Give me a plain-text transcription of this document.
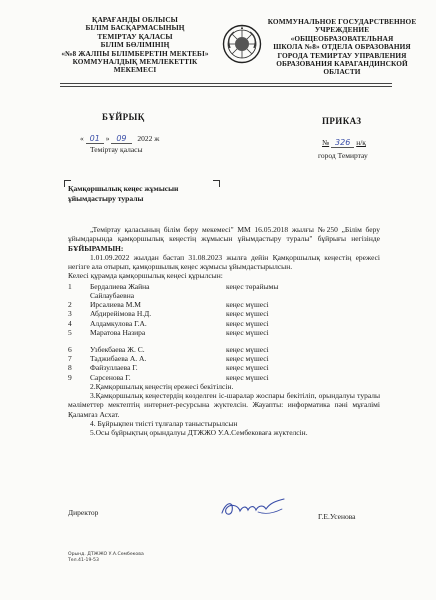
ҚАРАҒАНДЫ ОБЛЫСЫ
БІЛІМ БАСҚАРМАСЫНЫҢ
ТЕМІРТАУ ҚАЛАСЫ
БІЛІМ БӨЛІМІНІҢ
«№8 ЖАЛПЫ БІЛІМБЕРЕТІН МЕКТЕБІ»
КОММУНАЛДЫҚ МЕМЛЕКЕТТІК
МЕКЕМЕСІ
КОММУНАЛЬНОЕ ГОСУДАРСТВЕННОЕ
УЧРЕЖДЕНИЕ
«ОБЩЕОБРАЗОВАТЕЛЬНАЯ
ШКОЛА №8» ОТДЕЛА ОБРАЗОВАНИЯ
ГОРОДА ТЕМИРТАУ УПРАВЛЕНИЯ
ОБРАЗОВАНИЯ КАРАГАНДИНСКОЙ
ОБЛАСТИ
БҰЙРЫҚ	ПРИКАЗ
« 01 » 09 2022 ж
Теміртау қаласы
№ 326 н/қ
город Темиртау
Қамқоршылық кеңес жұмысын
ұйымдастыру туралы

„Теміртау қаласының білім беру мекемесі" ММ 16.05.2018 жылғы №250 „Білім беру ұйымдарында қамқоршылық кеңестің жұмысын ұйымдастыру туралы" бұйрығы негізінде БҰЙЫРАМЫН:

1.01.09.2022 жылдан бастап 31.08.2023 жылға дейін Қамқоршылық кеңестің ережесі негізге ала отырып, қамқоршылық кеңес жұмысы ұйымдастырылсын.

Келесі құрамда қамқоршылық кеңесі құрылсын:

1	Бердалиева Жайна	кеңес төрайымы
Сайлаубаевна
2	Ирсалиева М.М	кеңес мүшесі
3	Абдирейімова Н.Д.	кеңес мүшесі
4	Алдамкулова Г.А.	кеңес мүшесі
5	Маратова Назира	кеңес мүшесі
6	Узбекбаева Ж. С.	кеңес мүшесі
7	Таджибаева А. А.	кеңес мүшесі
8	Файзуллаева Г.	кеңес мүшесі
9	Сарсенова Г.	кеңес мүшесі

2.Қамқоршылық кеңестің ережесі бекітілсін.

3.Қамқоршылық кеңестердің көзделген іс-шаралар жоспары бекітіліп, орындалуы туралы мәліметтер мектептің интернет-ресурсына жүктелсін. Жауапты: информатика пәні мұғалімі Қаламгаз Асхат.

4. Бұйрықпен тиісті тұлғалар таныстырылсын

5.Осы бұйрықтың орындалуы ДТЖЖО У.А.Сембековаға жүктелсін.

Директор	Г.Е.Усенова
Орынд. ДТЖЖО У.А.Сембекова
Тел.41-19-53
